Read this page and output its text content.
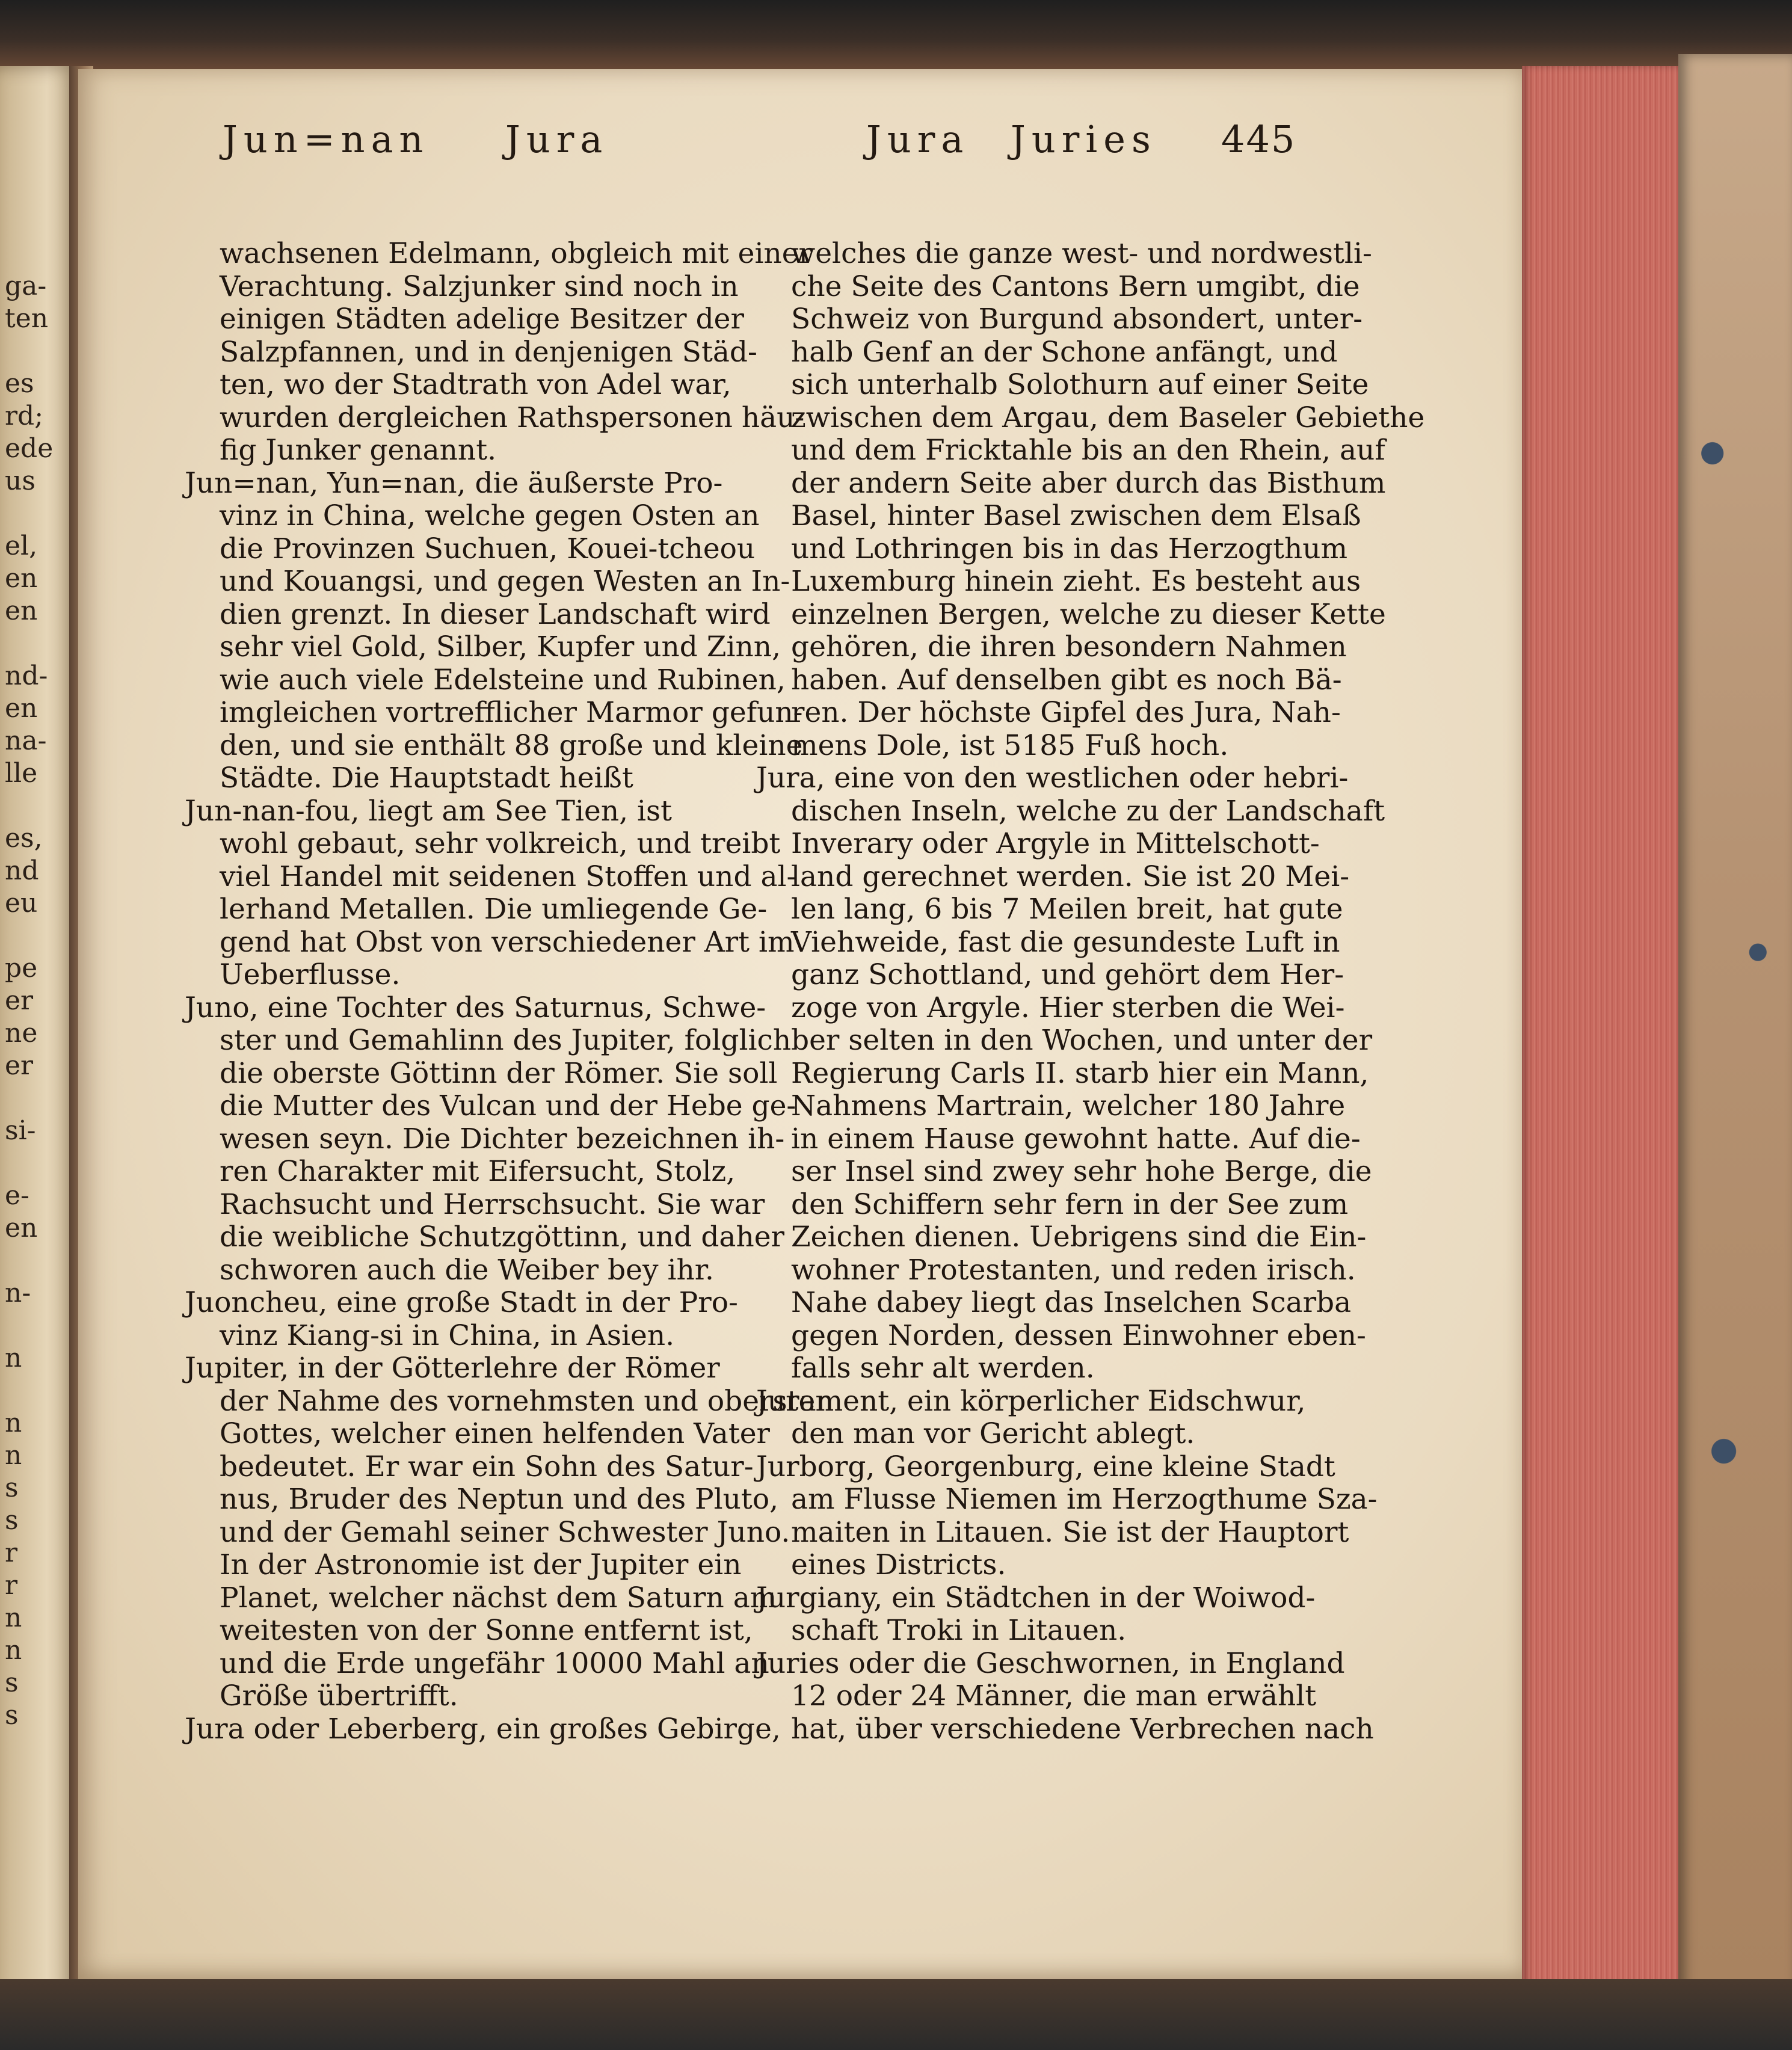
ga-
ten
es
rd;
ede
us
el,
en
en
nd-
en
na-
lle
es,
nd
eu
pe
er
ne
er
si-
e-
en
n-
n
n
n
s
s
r
r
n
n
s
s
Jun=nan Jura	Jura Juries 445
wachsenen Edelmann, obgleich mit einer
Verachtung. Salzjunker sind noch in
einigen Städten adelige Besitzer der
Salzpfannen, und in denjenigen Städ-
ten, wo der Stadtrath von Adel war,
wurden dergleichen Rathspersonen häu-
fig Junker genannt.
Jun=nan, Yun=nan, die äußerste Pro-
vinz in China, welche gegen Osten an
die Provinzen Suchuen, Kouei-tcheou
und Kouangsi, und gegen Westen an In-
dien grenzt. In dieser Landschaft wird
sehr viel Gold, Silber, Kupfer und Zinn,
wie auch viele Edelsteine und Rubinen,
imgleichen vortrefflicher Marmor gefun-
den, und sie enthält 88 große und kleine
Städte. Die Hauptstadt heißt
Jun-nan-fou, liegt am See Tien, ist
wohl gebaut, sehr volkreich, und treibt
viel Handel mit seidenen Stoffen und al-
lerhand Metallen. Die umliegende Ge-
gend hat Obst von verschiedener Art im
Ueberflusse.
Juno, eine Tochter des Saturnus, Schwe-
ster und Gemahlinn des Jupiter, folglich
die oberste Göttinn der Römer. Sie soll
die Mutter des Vulcan und der Hebe ge-
wesen seyn. Die Dichter bezeichnen ih-
ren Charakter mit Eifersucht, Stolz,
Rachsucht und Herrschsucht. Sie war
die weibliche Schutzgöttinn, und daher
schworen auch die Weiber bey ihr.
Juoncheu, eine große Stadt in der Pro-
vinz Kiang-si in China, in Asien.
Jupiter, in der Götterlehre der Römer
der Nahme des vornehmsten und obersten
Gottes, welcher einen helfenden Vater
bedeutet. Er war ein Sohn des Satur-
nus, Bruder des Neptun und des Pluto,
und der Gemahl seiner Schwester Juno.
In der Astronomie ist der Jupiter ein
Planet, welcher nächst dem Saturn am
weitesten von der Sonne entfernt ist,
und die Erde ungefähr 10000 Mahl an
Größe übertrifft.
Jura oder Leberberg, ein großes Gebirge,
welches die ganze west- und nordwestli-
che Seite des Cantons Bern umgibt, die
Schweiz von Burgund absondert, unter-
halb Genf an der Schone anfängt, und
sich unterhalb Solothurn auf einer Seite
zwischen dem Argau, dem Baseler Gebiethe
und dem Fricktahle bis an den Rhein, auf
der andern Seite aber durch das Bisthum
Basel, hinter Basel zwischen dem Elsaß
und Lothringen bis in das Herzogthum
Luxemburg hinein zieht. Es besteht aus
einzelnen Bergen, welche zu dieser Kette
gehören, die ihren besondern Nahmen
haben. Auf denselben gibt es noch Bä-
ren. Der höchste Gipfel des Jura, Nah-
mens Dole, ist 5185 Fuß hoch.
Jura, eine von den westlichen oder hebri-
dischen Inseln, welche zu der Landschaft
Inverary oder Argyle in Mittelschott-
land gerechnet werden. Sie ist 20 Mei-
len lang, 6 bis 7 Meilen breit, hat gute
Viehweide, fast die gesundeste Luft in
ganz Schottland, und gehört dem Her-
zoge von Argyle. Hier sterben die Wei-
ber selten in den Wochen, und unter der
Regierung Carls II. starb hier ein Mann,
Nahmens Martrain, welcher 180 Jahre
in einem Hause gewohnt hatte. Auf die-
ser Insel sind zwey sehr hohe Berge, die
den Schiffern sehr fern in der See zum
Zeichen dienen. Uebrigens sind die Ein-
wohner Protestanten, und reden irisch.
Nahe dabey liegt das Inselchen Scarba
gegen Norden, dessen Einwohner eben-
falls sehr alt werden.
Jurament, ein körperlicher Eidschwur,
den man vor Gericht ablegt.
Jurborg, Georgenburg, eine kleine Stadt
am Flusse Niemen im Herzogthume Sza-
maiten in Litauen. Sie ist der Hauptort
eines Districts.
Jurgiany, ein Städtchen in der Woiwod-
schaft Troki in Litauen.
Juries oder die Geschwornen, in England
12 oder 24 Männer, die man erwählt
hat, über verschiedene Verbrechen nach
